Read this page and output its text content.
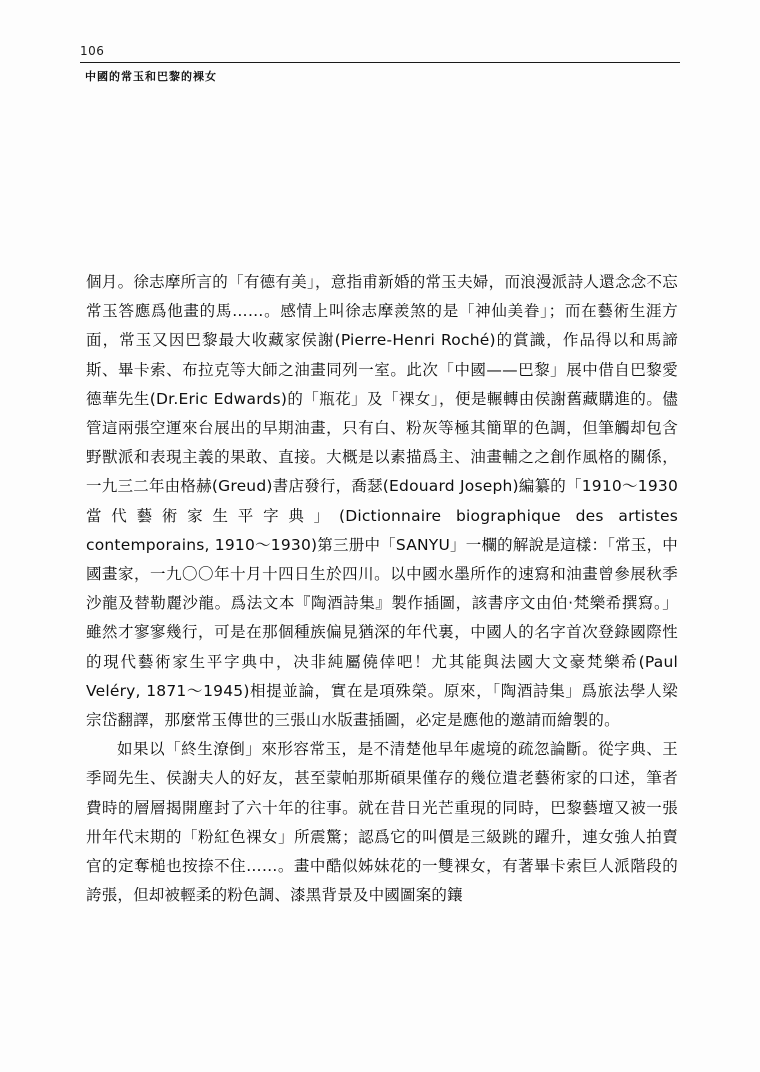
106
中國的常玉和巴黎的裸女

個月。徐志摩所言的「有德有美」，意指甫新婚的常玉夫婦，而浪漫派詩人還念念不忘常玉答應爲他畫的馬……。感情上叫徐志摩羨煞的是「神仙美眷」；而在藝術生涯方面，常玉又因巴黎最大收藏家侯謝(Pierre-Henri Roché)的賞識，作品得以和馬諦斯、畢卡索、布拉克等大師之油畫同列一室。此次「中國——巴黎」展中借自巴黎愛德華先生(Dr.Eric Edwards)的「瓶花」及「裸女」，便是輾轉由侯謝舊藏購進的。儘管這兩張空運來台展出的早期油畫，只有白、粉灰等極其簡單的色調，但筆觸却包含野獸派和表現主義的果敢、直接。大概是以素描爲主、油畫輔之之創作風格的關係，一九三二年由格赫(Greud)書店發行，喬瑟(Edouard Joseph)編纂的「1910～1930當代藝術家生平字典」(Dictionnaire biographique des artistes contemporains, 1910～1930)第三册中「SANYU」一欄的解說是這樣：「常玉，中國畫家，一九〇〇年十月十四日生於四川。以中國水墨所作的速寫和油畫曾參展秋季沙龍及替勒麗沙龍。爲法文本『陶酒詩集』製作插圖，該書序文由伯‧梵樂希撰寫。」雖然才寥寥幾行，可是在那個種族偏見猶深的年代裏，中國人的名字首次登錄國際性的現代藝術家生平字典中，决非純屬僥倖吧！尤其能與法國大文豪梵樂希(Paul Veléry, 1871～1945)相提並論，實在是項殊榮。原來，「陶酒詩集」爲旅法學人梁宗岱翻譯，那麼常玉傳世的三張山水版畫插圖，必定是應他的邀請而繪製的。

如果以「終生潦倒」來形容常玉，是不清楚他早年處境的疏忽論斷。從字典、王季岡先生、侯謝夫人的好友，甚至蒙帕那斯碩果僅存的幾位遣老藝術家的口述，筆者費時的層層揭開塵封了六十年的往事。就在昔日光芒重現的同時，巴黎藝壇又被一張卅年代末期的「粉紅色裸女」所震驚；認爲它的叫價是三級跳的躍升，連女強人拍賣官的定奪槌也按捺不住……。畫中酷似姊妹花的一雙裸女，有著畢卡索巨人派階段的誇張，但却被輕柔的粉色調、漆黑背景及中國圖案的鑲
